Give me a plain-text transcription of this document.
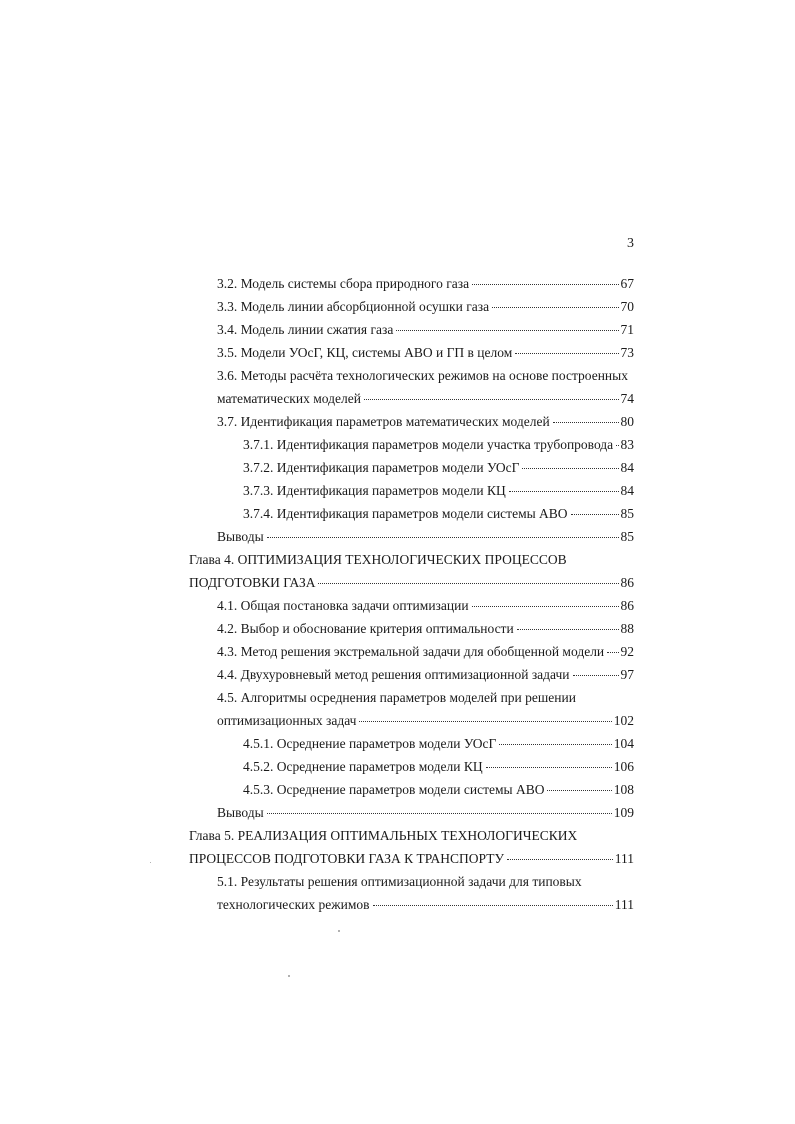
3
3.2. Модель системы сбора природного газа	67
3.3. Модель линии абсорбционной осушки газа	70
3.4. Модель линии сжатия газа	71
3.5. Модели УОсГ, КЦ, системы АВО и ГП в целом	73
3.6. Методы расчёта технологических режимов на основе построенных
математических моделей	74
3.7. Идентификация параметров математических моделей	80
3.7.1. Идентификация параметров модели участка трубопровода 83
3.7.2. Идентификация параметров модели УОсГ	84
3.7.3. Идентификация параметров модели КЦ	84
3.7.4. Идентификация параметров модели системы АВО	85
Выводы	85
Глава 4. ОПТИМИЗАЦИЯ ТЕХНОЛОГИЧЕСКИХ ПРОЦЕССОВ
ПОДГОТОВКИ ГАЗА	86
4.1. Общая постановка задачи оптимизации	86
4.2. Выбор и обоснование критерия оптимальности	88
4.3. Метод решения экстремальной задачи для обобщенной модели 92
4.4. Двухуровневый метод решения оптимизационной задачи	97
4.5. Алгоритмы осреднения параметров моделей при решении
оптимизационных задач	102
4.5.1. Осреднение параметров модели УОсГ	104
4.5.2. Осреднение параметров модели КЦ	106
4.5.3. Осреднение параметров модели системы АВО	108
Выводы	109
Глава 5. РЕАЛИЗАЦИЯ ОПТИМАЛЬНЫХ ТЕХНОЛОГИЧЕСКИХ
ПРОЦЕССОВ ПОДГОТОВКИ ГАЗА К ТРАНСПОРТУ	111
5.1. Результаты решения оптимизационной задачи для типовых
технологических режимов	111
